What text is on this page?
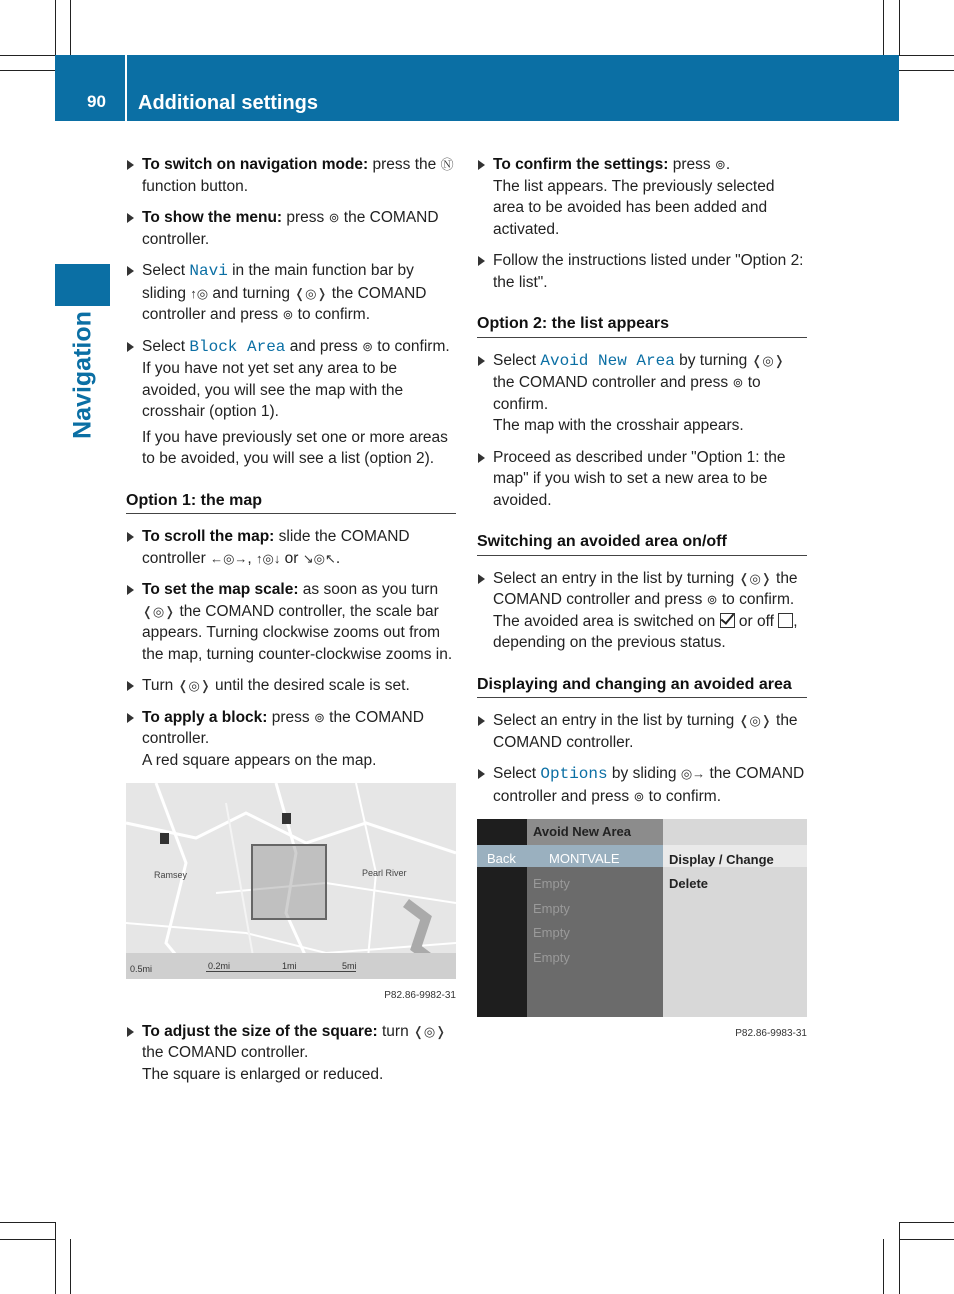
90 Additional settings
Navigation

To switch on navigation mode: press the Ⓝ function button.

To show the menu: press ⊚ the COMAND controller.

Select Navi in the main function bar by sliding ↑◎ and turning ❬◎❭ the COMAND controller and press ⊚ to confirm.

Select Block Area and press ⊚ to confirm.

If you have not yet set any area to be avoided, you will see the map with the crosshair (option 1).

If you have previously set one or more areas to be avoided, you will see a list (option 2).

Option 1: the map

To scroll the map: slide the COMAND controller ←◎→, ↑◎↓ or ↘◎↖.

To set the map scale: as soon as you turn ❬◎❭ the COMAND controller, the scale bar appears. Turning clockwise zooms out from the map, turning counter-clockwise zooms in.

Turn ❬◎❭ until the desired scale is set.

To apply a block: press ⊚ the COMAND controller.

A red square appears on the map.

Ramsey	Pearl River
0.5mi	0.2mi	1mi	5mi
P82.86-9982-31

To adjust the size of the square: turn ❬◎❭ the COMAND controller.

The square is enlarged or reduced.

To confirm the settings: press ⊚.

The list appears. The previously selected area to be avoided has been added and activated.

Follow the instructions listed under "Option 2: the list".

Option 2: the list appears

Select Avoid New Area by turning ❬◎❭ the COMAND controller and press ⊚ to confirm.

The map with the crosshair appears.

Proceed as described under "Option 1: the map" if you wish to set a new area to be avoided.

Switching an avoided area on/off

Select an entry in the list by turning ❬◎❭ the COMAND controller and press ⊚ to confirm.

The avoided area is switched on  or off , depending on the previous status.

Displaying and changing an avoided area

Select an entry in the list by turning ❬◎❭ the COMAND controller.

Select Options by sliding ◎→ the COMAND controller and press ⊚ to confirm.

Avoid New Area
Back	MONTVALE	Display / Change
Delete
Empty
Empty
Empty
Empty
P82.86-9983-31
